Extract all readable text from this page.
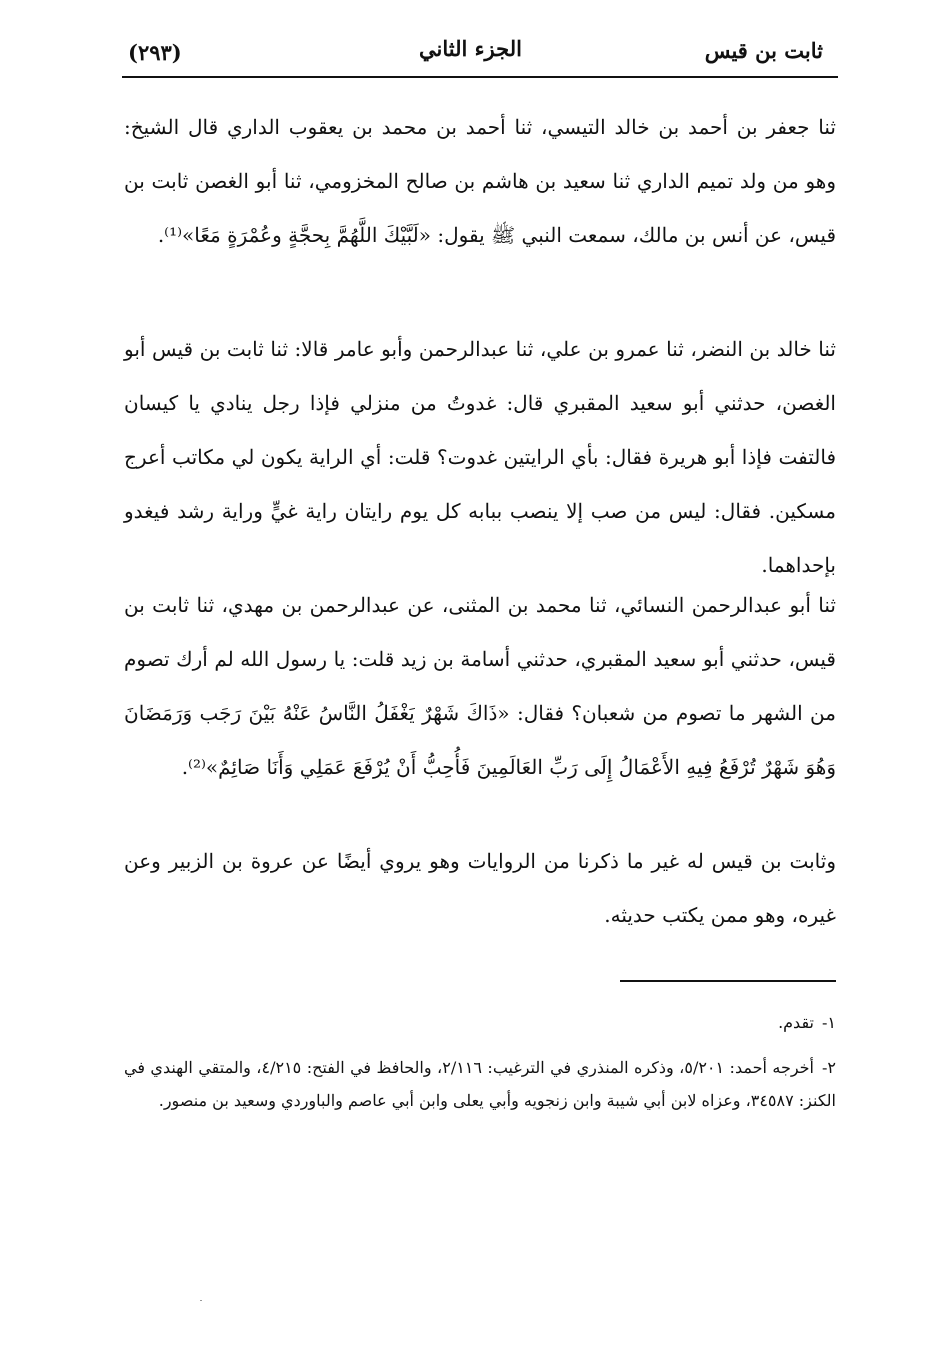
ثابت بن قيس
الجزء الثاني
(٢٩٣)
ثنا جعفر بن أحمد بن خالد التيسي، ثنا أحمد بن محمد بن يعقوب الداري قال الشيخ: وهو من ولد تميم الداري ثنا سعيد بن هاشم بن صالح المخزومي، ثنا أبو الغصن ثابت بن قيس، عن أنس بن مالك، سمعت النبي ﷺ يقول: «لَبَّيْكَ اللَّهُمَّ بِحجَّةٍ وعُمْرَةٍ مَعًا»⁽¹⁾.
ثنا خالد بن النضر، ثنا عمرو بن علي، ثنا عبدالرحمن وأبو عامر قالا: ثنا ثابت بن قيس أبو الغصن، حدثني أبو سعيد المقبري قال: غدوتُ من منزلي فإذا رجل ينادي يا كيسان فالتفت فإذا أبو هريرة فقال: بأي الرايتين غدوت؟ قلت: أي الراية يكون لي مكاتب أعرج مسكين. فقال: ليس من صب إلا ينصب ببابه كل يوم رايتان راية غيٍّ وراية رشد فيغدو بإحداهما.
ثنا أبو عبدالرحمن النسائي، ثنا محمد بن المثنى، عن عبدالرحمن بن مهدي، ثنا ثابت بن قيس، حدثني أبو سعيد المقبري، حدثني أسامة بن زيد قلت: يا رسول الله لم أرك تصوم من الشهر ما تصوم من شعبان؟ فقال: «ذَاكَ شَهْرٌ يَغْفَلُ النَّاسُ عَنْهُ بَيْنَ رَجَب وَرَمَضَانَ وَهُوَ شَهْرٌ تُرْفَعُ فِيهِ الأَعْمَالُ إِلَى رَبِّ العَالَمِينَ فَأُحِبُّ أَنْ يُرْفَعَ عَمَلِي وَأَنَا صَائِمٌ»⁽²⁾.
وثابت بن قيس له غير ما ذكرنا من الروايات وهو يروي أيضًا عن عروة بن الزبير وعن غيره، وهو ممن يكتب حديثه.
١-تقدم.
٢-أخرجه أحمد: ٥/٢٠١، وذكره المنذري في الترغيب: ٢/١١٦، والحافظ في الفتح: ٤/٢١٥، والمتقي الهندي في الكنز: ٣٤٥٨٧، وعزاه لابن أبي شيبة وابن زنجويه وأبي يعلى وابن أبي عاصم والباوردي وسعيد بن منصور.
